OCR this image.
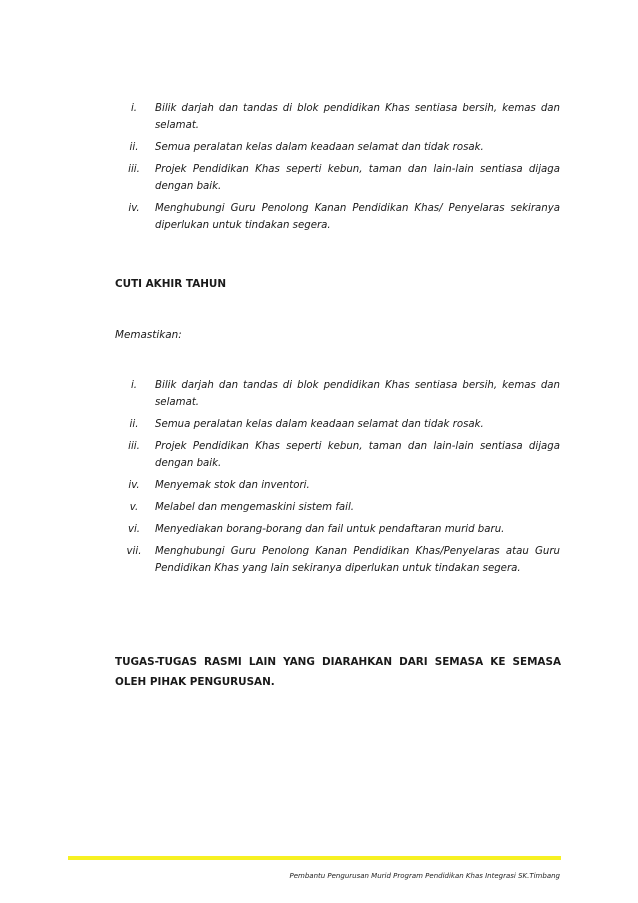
i.	Bilik darjah dan tandas di blok pendidikan Khas sentiasa bersih, kemas dan selamat.
ii.	Semua peralatan kelas dalam keadaan selamat dan tidak rosak.
iii.	Projek Pendidikan Khas seperti kebun, taman dan lain-lain sentiasa dijaga dengan baik.
iv.	Menghubungi Guru Penolong Kanan Pendidikan Khas/ Penyelaras sekiranya diperlukan untuk tindakan segera.

CUTI AKHIR TAHUN

Memastikan:

i.	Bilik darjah dan tandas di blok pendidikan Khas sentiasa bersih, kemas dan selamat.
ii.	Semua peralatan kelas dalam keadaan selamat dan tidak rosak.
iii.	Projek Pendidikan Khas seperti kebun, taman dan lain-lain sentiasa dijaga dengan baik.
iv.	Menyemak stok dan inventori.
v.	Melabel dan mengemaskini sistem fail.
vi.	Menyediakan borang-borang dan fail untuk pendaftaran murid baru.
vii.	Menghubungi Guru Penolong Kanan Pendidikan Khas/Penyelaras atau Guru Pendidikan Khas yang lain sekiranya diperlukan untuk tindakan segera.

TUGAS-TUGAS RASMI LAIN YANG DIARAHKAN DARI SEMASA KE SEMASA OLEH PIHAK PENGURUSAN.

Pembantu Pengurusan Murid Program Pendidikan Khas Integrasi SK.Timbang
